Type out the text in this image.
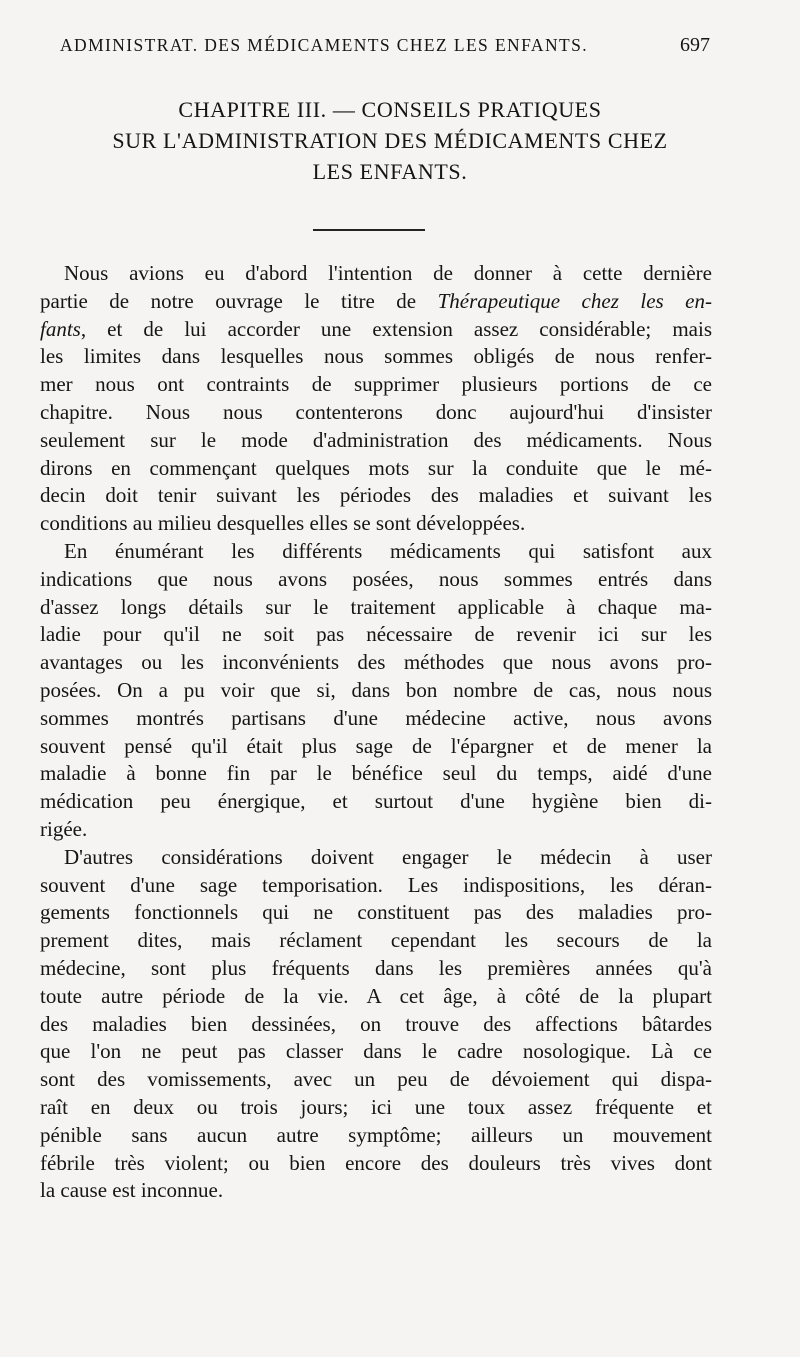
ADMINISTRAT. DES MÉDICAMENTS CHEZ LES ENFANTS.	697
CHAPITRE III. — CONSEILS PRATIQUES
SUR L'ADMINISTRATION DES MÉDICAMENTS CHEZ
LES ENFANTS.
Nous avions eu d'abord l'intention de donner à cette dernière
partie de notre ouvrage le titre de Thérapeutique chez les en-
fants, et de lui accorder une extension assez considérable; mais
les limites dans lesquelles nous sommes obligés de nous renfer-
mer nous ont contraints de supprimer plusieurs portions de ce
chapitre. Nous nous contenterons donc aujourd'hui d'insister
seulement sur le mode d'administration des médicaments. Nous
dirons en commençant quelques mots sur la conduite que le mé-
decin doit tenir suivant les périodes des maladies et suivant les
conditions au milieu desquelles elles se sont développées.
En énumérant les différents médicaments qui satisfont aux
indications que nous avons posées, nous sommes entrés dans
d'assez longs détails sur le traitement applicable à chaque ma-
ladie pour qu'il ne soit pas nécessaire de revenir ici sur les
avantages ou les inconvénients des méthodes que nous avons pro-
posées. On a pu voir que si, dans bon nombre de cas, nous nous
sommes montrés partisans d'une médecine active, nous avons
souvent pensé qu'il était plus sage de l'épargner et de mener la
maladie à bonne fin par le bénéfice seul du temps, aidé d'une
médication peu énergique, et surtout d'une hygiène bien di-
rigée.
D'autres considérations doivent engager le médecin à user
souvent d'une sage temporisation. Les indispositions, les déran-
gements fonctionnels qui ne constituent pas des maladies pro-
prement dites, mais réclament cependant les secours de la
médecine, sont plus fréquents dans les premières années qu'à
toute autre période de la vie. A cet âge, à côté de la plupart
des maladies bien dessinées, on trouve des affections bâtardes
que l'on ne peut pas classer dans le cadre nosologique. Là ce
sont des vomissements, avec un peu de dévoiement qui dispa-
raît en deux ou trois jours; ici une toux assez fréquente et
pénible sans aucun autre symptôme; ailleurs un mouvement
fébrile très violent; ou bien encore des douleurs très vives dont
la cause est inconnue.
